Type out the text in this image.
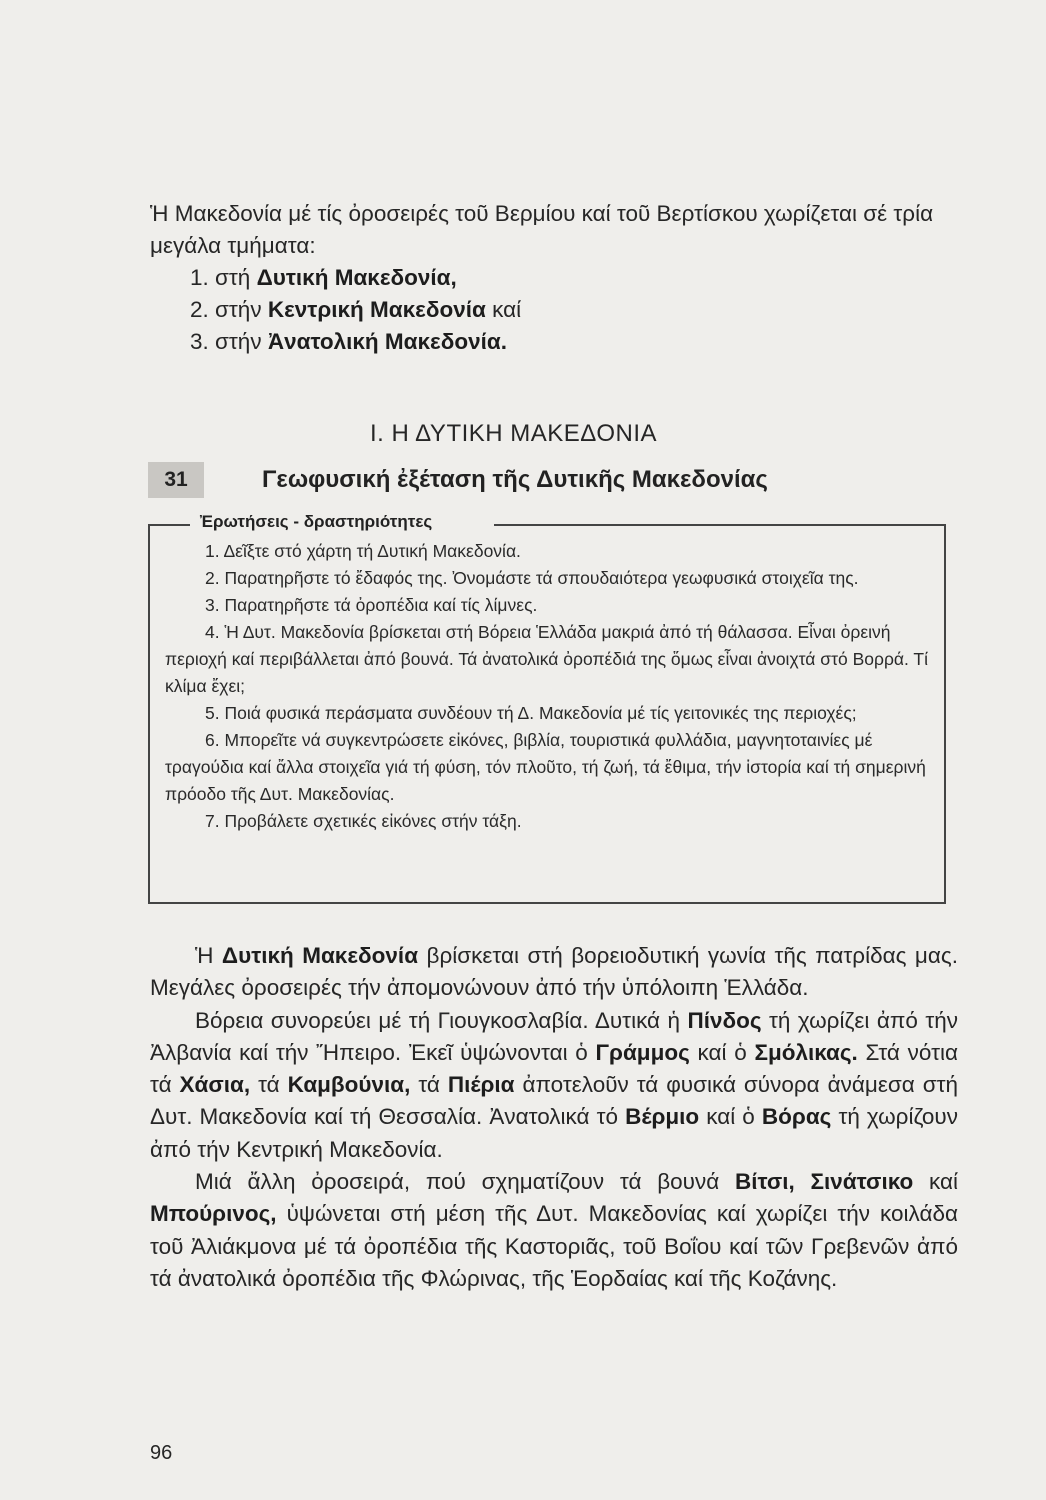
Ἡ Μακεδονία μέ τίς ὀροσειρές τοῦ Βερμίου καί τοῦ Βερτίσκου χωρίζεται σέ τρία μεγάλα τμήματα:

1. στή Δυτική Μακεδονία,

2. στήν Κεντρική Μακεδονία καί

3. στήν Ἀνατολική Μακεδονία.

Ι. Η ΔΥΤΙΚΗ ΜΑΚΕΔΟΝΙΑ
31	Γεωφυσική ἐξέταση τῆς Δυτικῆς Μακεδονίας
Ἐρωτήσεις - δραστηριότητες

1. Δεῖξτε στό χάρτη τή Δυτική Μακεδονία.

2. Παρατηρῆστε τό ἔδαφός της. Ὀνομάστε τά σπουδαιότερα γεωφυσικά στοιχεῖα της.

3. Παρατηρῆστε τά ὀροπέδια καί τίς λίμνες.

4. Ἡ Δυτ. Μακεδονία βρίσκεται στή Βόρεια Ἑλλάδα μακριά ἀπό τή θάλασσα. Εἶναι ὀρεινή περιοχή καί περιβάλλεται ἀπό βουνά. Τά ἀνατολικά ὀροπέδιά της ὅμως εἶναι ἀνοιχτά στό Βορρά. Τί κλίμα ἔχει;

5. Ποιά φυσικά περάσματα συνδέουν τή Δ. Μακεδονία μέ τίς γειτονικές της περιοχές;

6. Μπορεῖτε νά συγκεντρώσετε εἰκόνες, βιβλία, τουριστικά φυλλάδια, μαγνητοταινίες μέ τραγούδια καί ἄλλα στοιχεῖα γιά τή φύση, τόν πλοῦτο, τή ζωή, τά ἔθιμα, τήν ἱστορία καί τή σημερινή πρόοδο τῆς Δυτ. Μακεδονίας.

7. Προβάλετε σχετικές εἰκόνες στήν τάξη.

Ἡ Δυτική Μακεδονία βρίσκεται στή βορειοδυτική γωνία τῆς πατρίδας μας. Μεγάλες ὀροσειρές τήν ἀπομονώνουν ἀπό τήν ὑπόλοιπη Ἑλλάδα.

Βόρεια συνορεύει μέ τή Γιουγκοσλαβία. Δυτικά ἡ Πίνδος τή χωρίζει ἀπό τήν Ἀλβανία καί τήν Ἤπειρο. Ἐκεῖ ὑψώνονται ὁ Γράμμος καί ὁ Σμόλικας. Στά νότια τά Χάσια, τά Καμβούνια, τά Πιέρια ἀποτελοῦν τά φυσικά σύνορα ἀνάμεσα στή Δυτ. Μακεδονία καί τή Θεσσαλία. Ἀνατολικά τό Βέρμιο καί ὁ Βόρας τή χωρίζουν ἀπό τήν Κεντρική Μακεδονία.

Μιά ἄλλη ὀροσειρά, πού σχηματίζουν τά βουνά Βίτσι, Σινάτσικο καί Μπούρινος, ὑψώνεται στή μέση τῆς Δυτ. Μακεδονίας καί χωρίζει τήν κοιλάδα τοῦ Ἀλιάκμονα μέ τά ὀροπέδια τῆς Καστοριᾶς, τοῦ Βοΐου καί τῶν Γρεβενῶν ἀπό τά ἀνατολικά ὀροπέδια τῆς Φλώρινας, τῆς Ἑορδαίας καί τῆς Κοζάνης.

96
